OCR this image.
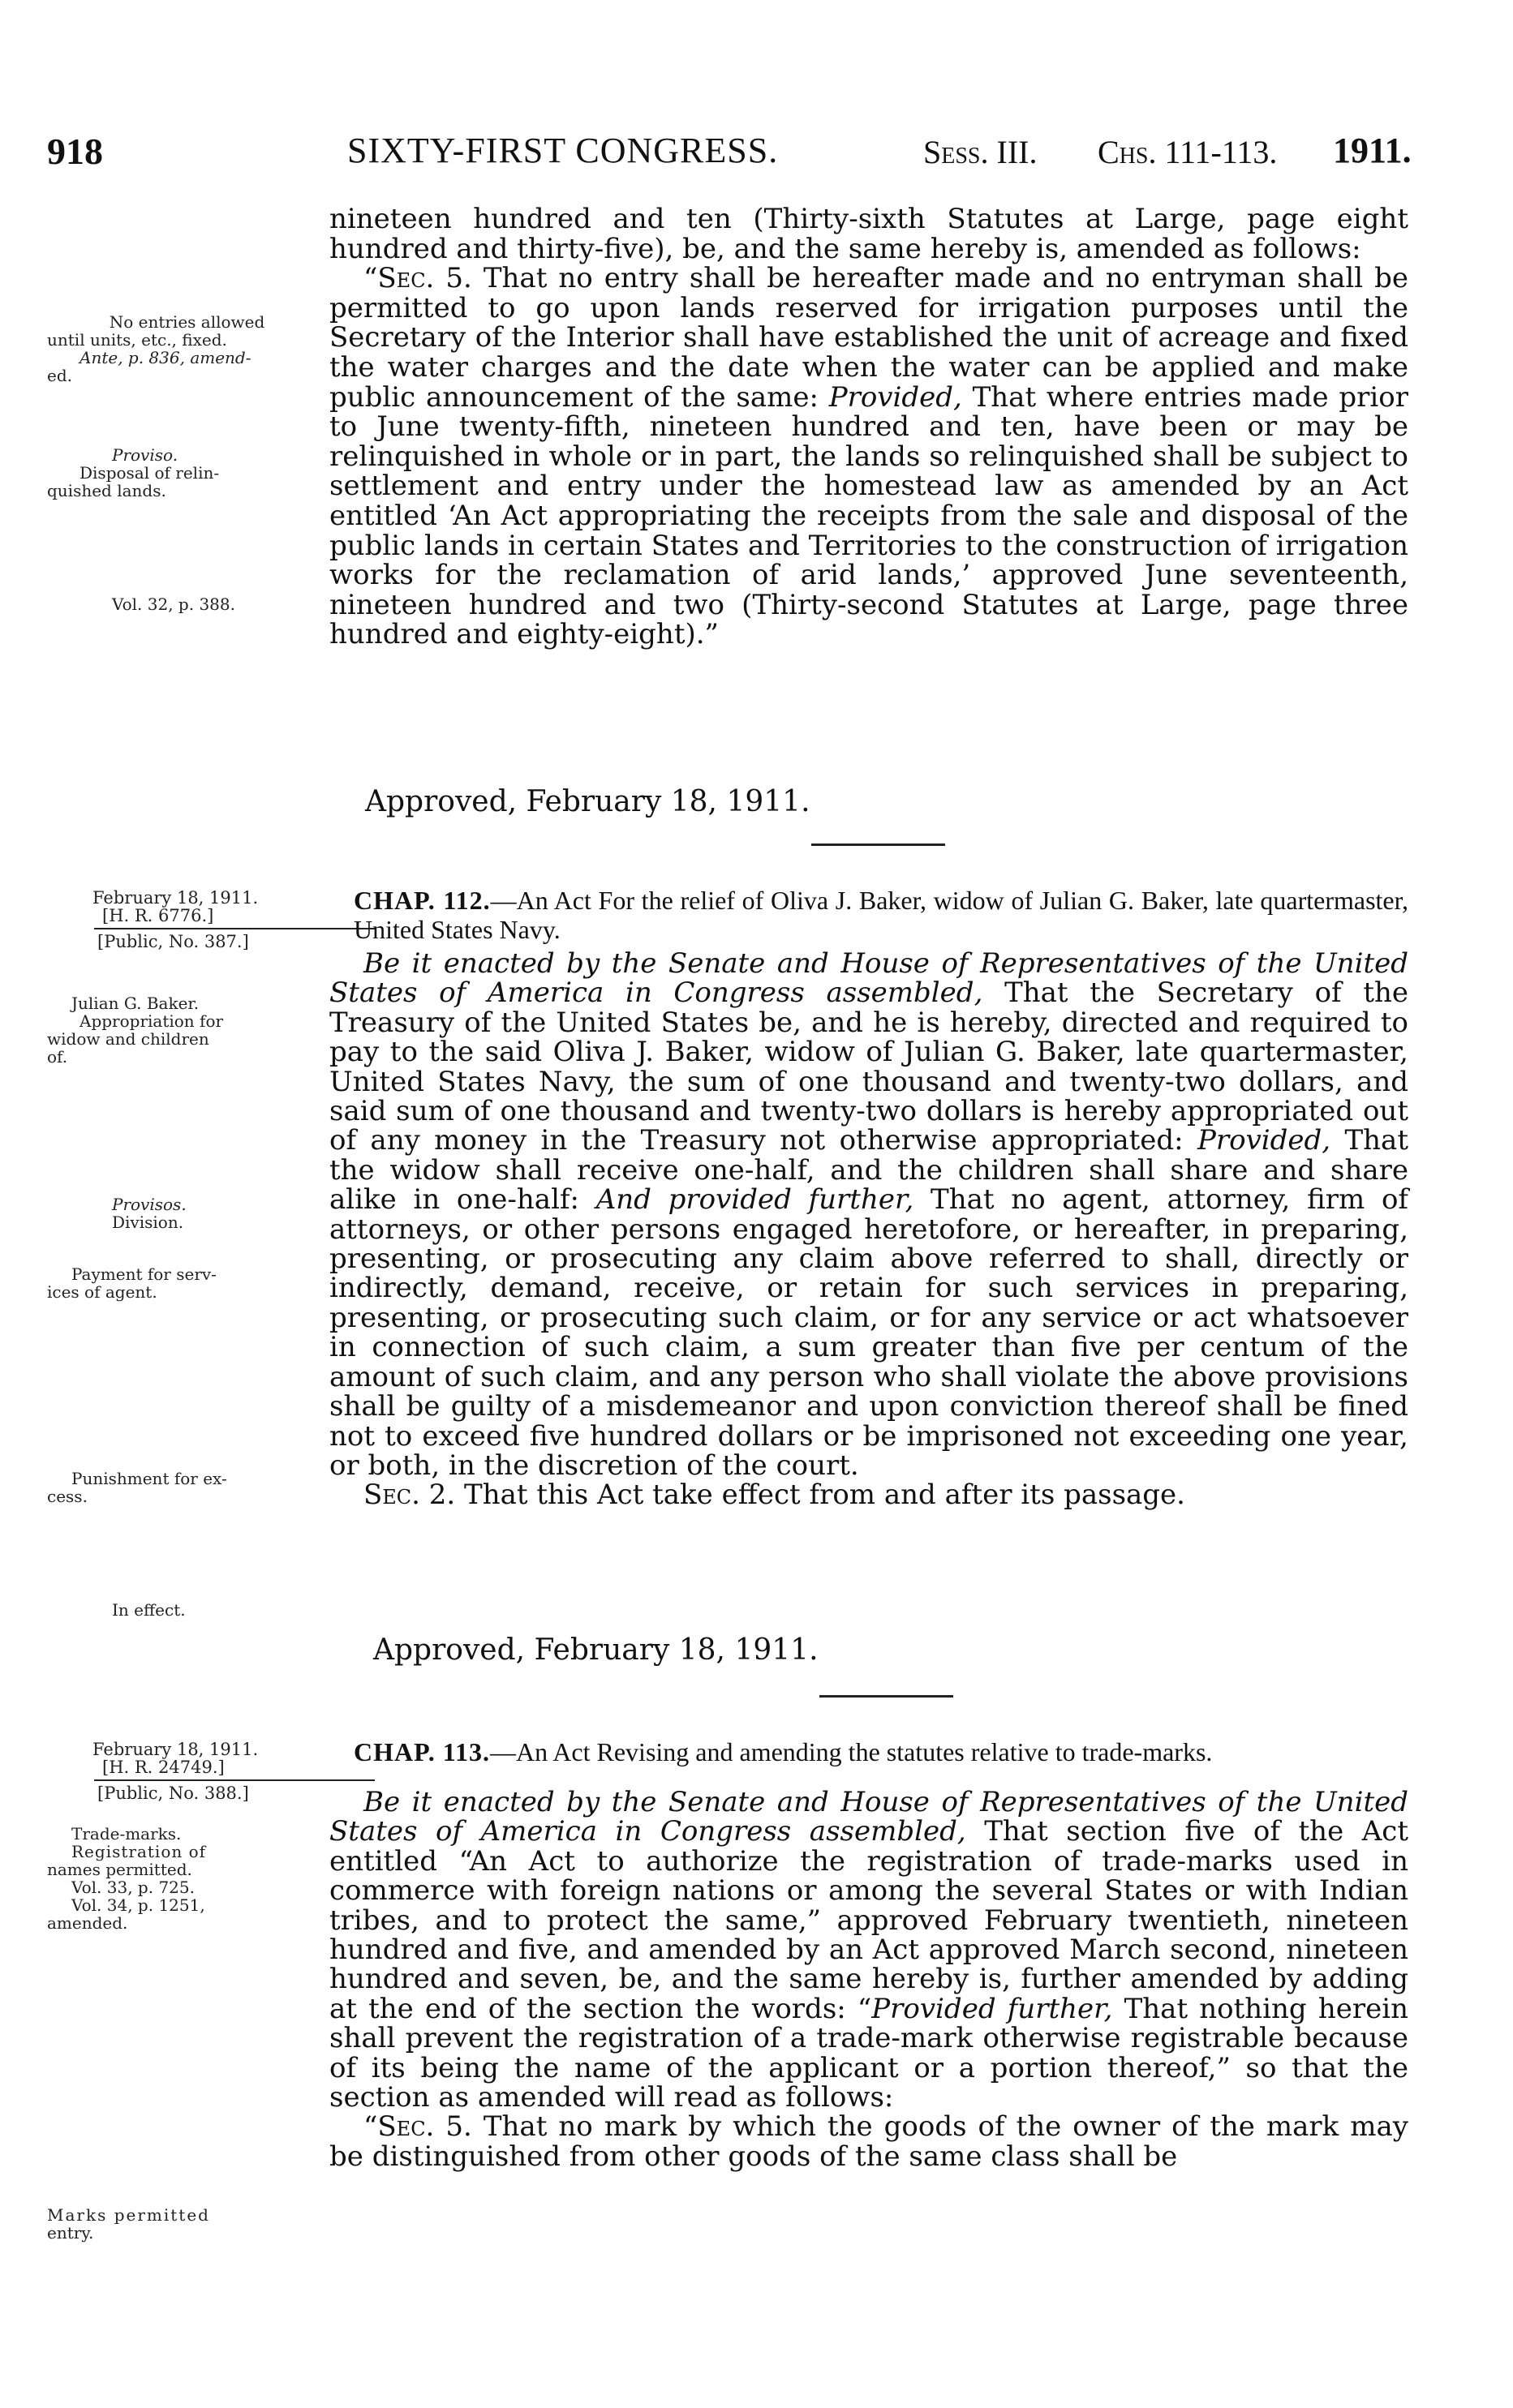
918	SIXTY-FIRST CONGRESS.	Sess. III. Chs. 111-113. 1911.

nineteen hundred and ten (Thirty-sixth Statutes at Large, page eight hundred and thirty-five), be, and the same hereby is, amended as follows:

“Sec. 5. That no entry shall be hereafter made and no entryman shall be permitted to go upon lands reserved for irrigation purposes until the Secretary of the Interior shall have established the unit of acreage and fixed the water charges and the date when the water can be applied and make public announcement of the same: Provided, That where entries made prior to June twenty-fifth, nineteen hundred and ten, have been or may be relinquished in whole or in part, the lands so relinquished shall be subject to settlement and entry under the homestead law as amended by an Act entitled ‘An Act appropriating the receipts from the sale and disposal of the public lands in certain States and Territories to the construction of irrigation works for the reclamation of arid lands,’ approved June seventeenth, nineteen hundred and two (Thirty-second Statutes at Large, page three hundred and eighty-eight).”

No entries allowed
until units, etc., fixed.
Ante, p. 836, amend-
ed.
Proviso.
Disposal of relin-
quished lands.
Vol. 32, p. 388.
Approved, February 18, 1911.
February 18, 1911.
[H. R. 6776.]
[Public, No. 387.]
CHAP. 112.—An Act For the relief of Oliva J. Baker, widow of Julian G. Baker, late quartermaster, United States Navy.

Be it enacted by the Senate and House of Representatives of the United States of America in Congress assembled, That the Secretary of the Treasury of the United States be, and he is hereby, directed and required to pay to the said Oliva J. Baker, widow of Julian G. Baker, late quartermaster, United States Navy, the sum of one thousand and twenty-two dollars, and said sum of one thousand and twenty-two dollars is hereby appropriated out of any money in the Treasury not otherwise appropriated: Provided, That the widow shall receive one-half, and the children shall share and share alike in one-half: And provided further, That no agent, attorney, firm of attorneys, or other persons engaged heretofore, or hereafter, in preparing, presenting, or prosecuting any claim above referred to shall, directly or indirectly, demand, receive, or retain for such services in preparing, presenting, or prosecuting such claim, or for any service or act whatsoever in connection of such claim, a sum greater than five per centum of the amount of such claim, and any person who shall violate the above provisions shall be guilty of a misdemeanor and upon conviction thereof shall be fined not to exceed five hundred dollars or be imprisoned not exceeding one year, or both, in the discretion of the court.

Sec. 2. That this Act take effect from and after its passage.

Julian G. Baker.
Appropriation for
widow and children
of.
Provisos.
Division.
Payment for serv-
ices of agent.
Punishment for ex-
cess.
In effect.
Approved, February 18, 1911.
February 18, 1911.
[H. R. 24749.]
[Public, No. 388.]
CHAP. 113.—An Act Revising and amending the statutes relative to trade-marks.

Be it enacted by the Senate and House of Representatives of the United States of America in Congress assembled, That section five of the Act entitled “An Act to authorize the registration of trade-marks used in commerce with foreign nations or among the several States or with Indian tribes, and to protect the same,” approved February twentieth, nineteen hundred and five, and amended by an Act approved March second, nineteen hundred and seven, be, and the same hereby is, further amended by adding at the end of the section the words: “Provided further, That nothing herein shall prevent the registration of a trade-mark otherwise registrable because of its being the name of the applicant or a portion thereof,” so that the section as amended will read as follows:

“Sec. 5. That no mark by which the goods of the owner of the mark may be distinguished from other goods of the same class shall be

Trade-marks.
Registration of
names permitted.
Vol. 33, p. 725.
Vol. 34, p. 1251,
amended.
Marks permitted
entry.
